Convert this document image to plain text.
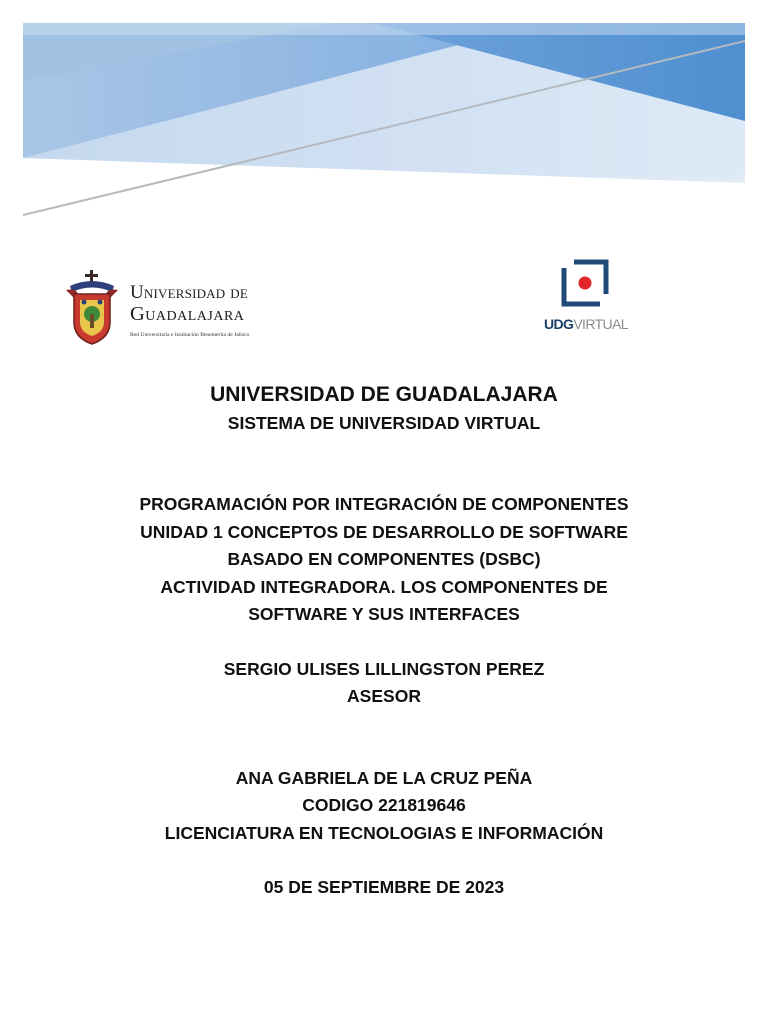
Universidad de
Guadalajara
Red Universitaria e Institución Benemérita de Jalisco
UDGVIRTUAL

UNIVERSIDAD DE GUADALAJARA

SISTEMA DE UNIVERSIDAD VIRTUAL

PROGRAMACIÓN POR INTEGRACIÓN DE COMPONENTES

UNIDAD 1 CONCEPTOS DE DESARROLLO DE SOFTWARE

BASADO EN COMPONENTES (DSBC)

ACTIVIDAD INTEGRADORA. LOS COMPONENTES DE

SOFTWARE Y SUS INTERFACES

SERGIO ULISES LILLINGSTON PEREZ

ASESOR

ANA GABRIELA DE LA CRUZ PEÑA

CODIGO 221819646

LICENCIATURA EN TECNOLOGIAS E INFORMACIÓN

05 DE SEPTIEMBRE DE 2023
